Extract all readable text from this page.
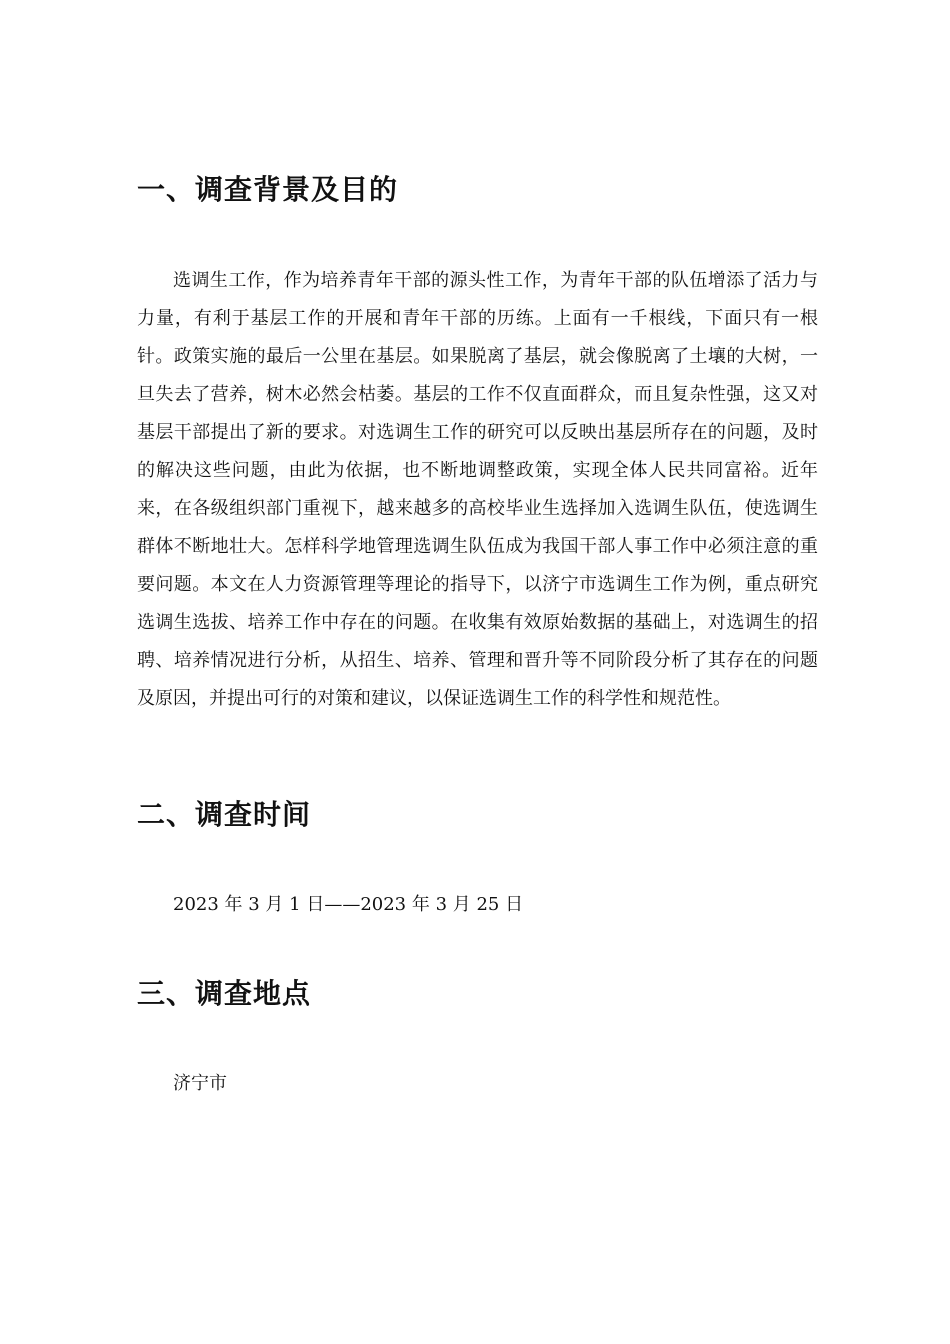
一、调查背景及目的

选调生工作，作为培养青年干部的源头性工作，为青年干部的队伍增添了活力与力量，有利于基层工作的开展和青年干部的历练。上面有一千根线，下面只有一根针。政策实施的最后一公里在基层。如果脱离了基层，就会像脱离了土壤的大树，一旦失去了营养，树木必然会枯萎。基层的工作不仅直面群众，而且复杂性强，这又对基层干部提出了新的要求。对选调生工作的研究可以反映出基层所存在的问题，及时的解决这些问题，由此为依据，也不断地调整政策，实现全体人民共同富裕。近年来，在各级组织部门重视下，越来越多的高校毕业生选择加入选调生队伍，使选调生群体不断地壮大。怎样科学地管理选调生队伍成为我国干部人事工作中必须注意的重要问题。本文在人力资源管理等理论的指导下，以济宁市选调生工作为例，重点研究选调生选拔、培养工作中存在的问题。在收集有效原始数据的基础上，对选调生的招聘、培养情况进行分析，从招生、培养、管理和晋升等不同阶段分析了其存在的问题及原因，并提出可行的对策和建议，以保证选调生工作的科学性和规范性。

二、调查时间

2023 年 3 月 1 日——2023 年 3 月 25 日

三、调查地点

济宁市
